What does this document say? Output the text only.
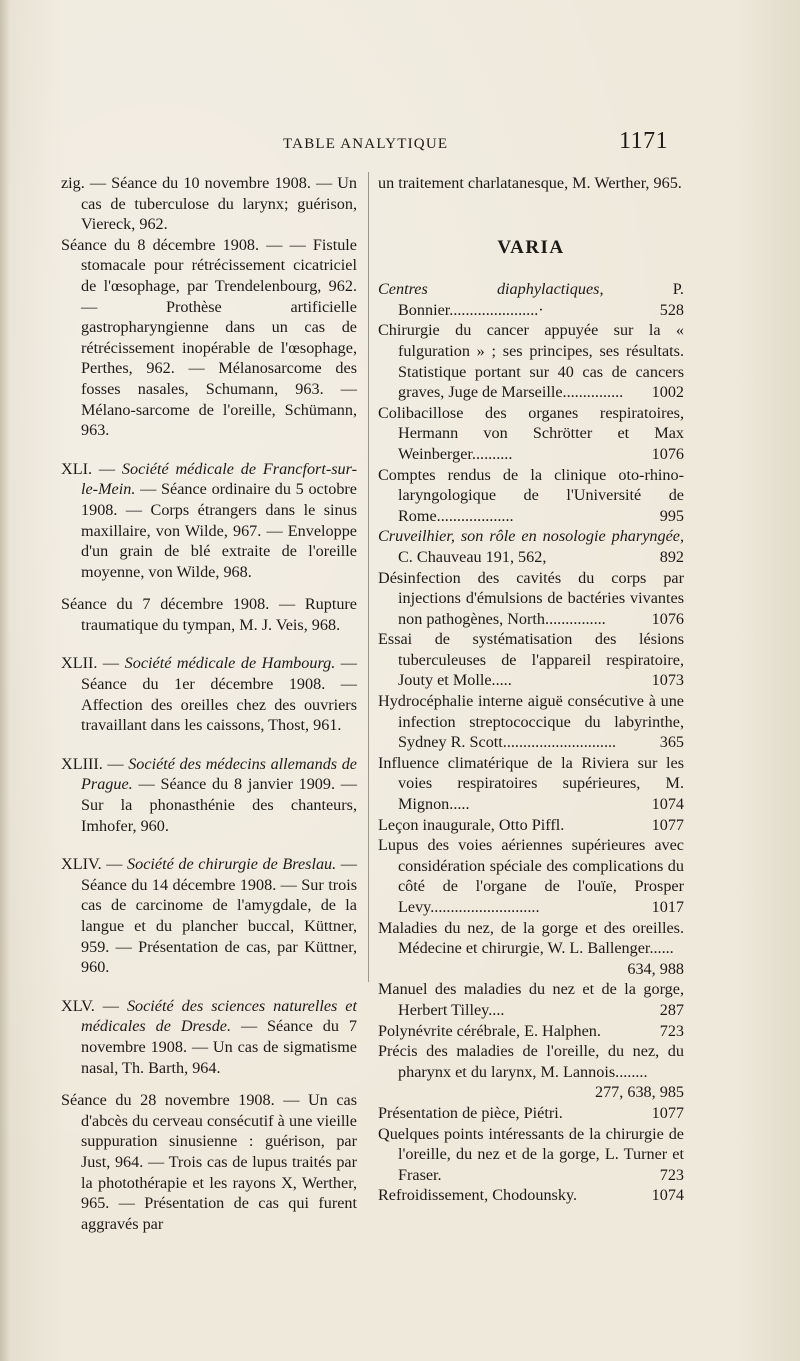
TABLE ANALYTIQUE	1171

zig. — Séance du 10 novembre 1908. — Un cas de tuberculose du larynx; guérison, Viereck, 962.

Séance du 8 décembre 1908. — — Fistule stomacale pour rétrécissement cicatriciel de l'œsophage, par Trendelenbourg, 962. — Prothèse artificielle gastropharyngienne dans un cas de rétrécissement inopérable de l'œsophage, Perthes, 962. — Mélanosarcome des fosses nasales, Schumann, 963. — Mélano-sarcome de l'oreille, Schümann, 963.

XLI. — Société médicale de Francfort-sur-le-Mein. — Séance ordinaire du 5 octobre 1908. — Corps étrangers dans le sinus maxillaire, von Wilde, 967. — Enveloppe d'un grain de blé extraite de l'oreille moyenne, von Wilde, 968.

Séance du 7 décembre 1908. — Rupture traumatique du tympan, M. J. Veis, 968.

XLII. — Société médicale de Hambourg. — Séance du 1er décembre 1908. — Affection des oreilles chez des ouvriers travaillant dans les caissons, Thost, 961.

XLIII. — Société des médecins allemands de Prague. — Séance du 8 janvier 1909. — Sur la phonasthénie des chanteurs, Imhofer, 960.

XLIV. — Société de chirurgie de Breslau. — Séance du 14 décembre 1908. — Sur trois cas de carcinome de l'amygdale, de la langue et du plancher buccal, Küttner, 959. — Présentation de cas, par Küttner, 960.

XLV. — Société des sciences naturelles et médicales de Dresde. — Séance du 7 novembre 1908. — Un cas de sigmatisme nasal, Th. Barth, 964.

Séance du 28 novembre 1908. — Un cas d'abcès du cerveau consécutif à une vieille suppuration sinusienne : guérison, par Just, 964. — Trois cas de lupus traités par la photothérapie et les rayons X, Werther, 965. — Présentation de cas qui furent aggravés par

un traitement charlatanesque, M. Werther, 965.

VARIA

Centres diaphylactiques, P. Bonnier......................·	528

Chirurgie du cancer appuyée sur la « fulguration » ; ses principes, ses résultats. Statistique portant sur 40 cas de cancers graves, Juge de Marseille............... 1002

Colibacillose des organes respiratoires, Hermann von Schrötter et Max Weinberger..........	1076

Comptes rendus de la clinique oto-rhino-laryngologique de l'Université de Rome...................	995

Cruveilhier, son rôle en nosologie pharyngée, C. Chauveau 191, 562,	892

Désinfection des cavités du corps par injections d'émulsions de bactéries vivantes non pathogènes, North...............	1076

Essai de systématisation des lésions tuberculeuses de l'appareil respiratoire, Jouty et Molle.....	1073

Hydrocéphalie interne aiguë consécutive à une infection streptococcique du labyrinthe, Sydney R. Scott............................	365

Influence climatérique de la Riviera sur les voies respiratoires supérieures, M. Mignon.....	1074

Leçon inaugurale, Otto Piffl.	1077

Lupus des voies aériennes supérieures avec considération spéciale des complications du côté de l'organe de l'ouïe, Prosper Levy...........................	1017

Maladies du nez, de la gorge et des oreilles. Médecine et chirurgie, W. L. Ballenger......
634, 988

Manuel des maladies du nez et de la gorge, Herbert Tilley....	287

Polynévrite cérébrale, E. Halphen.	723

Précis des maladies de l'oreille, du nez, du pharynx et du larynx, M. Lannois........
277, 638, 985

Présentation de pièce, Piétri.	1077

Quelques points intéressants de la chirurgie de l'oreille, du nez et de la gorge, L. Turner et Fraser.	723

Refroidissement, Chodounsky.	1074
